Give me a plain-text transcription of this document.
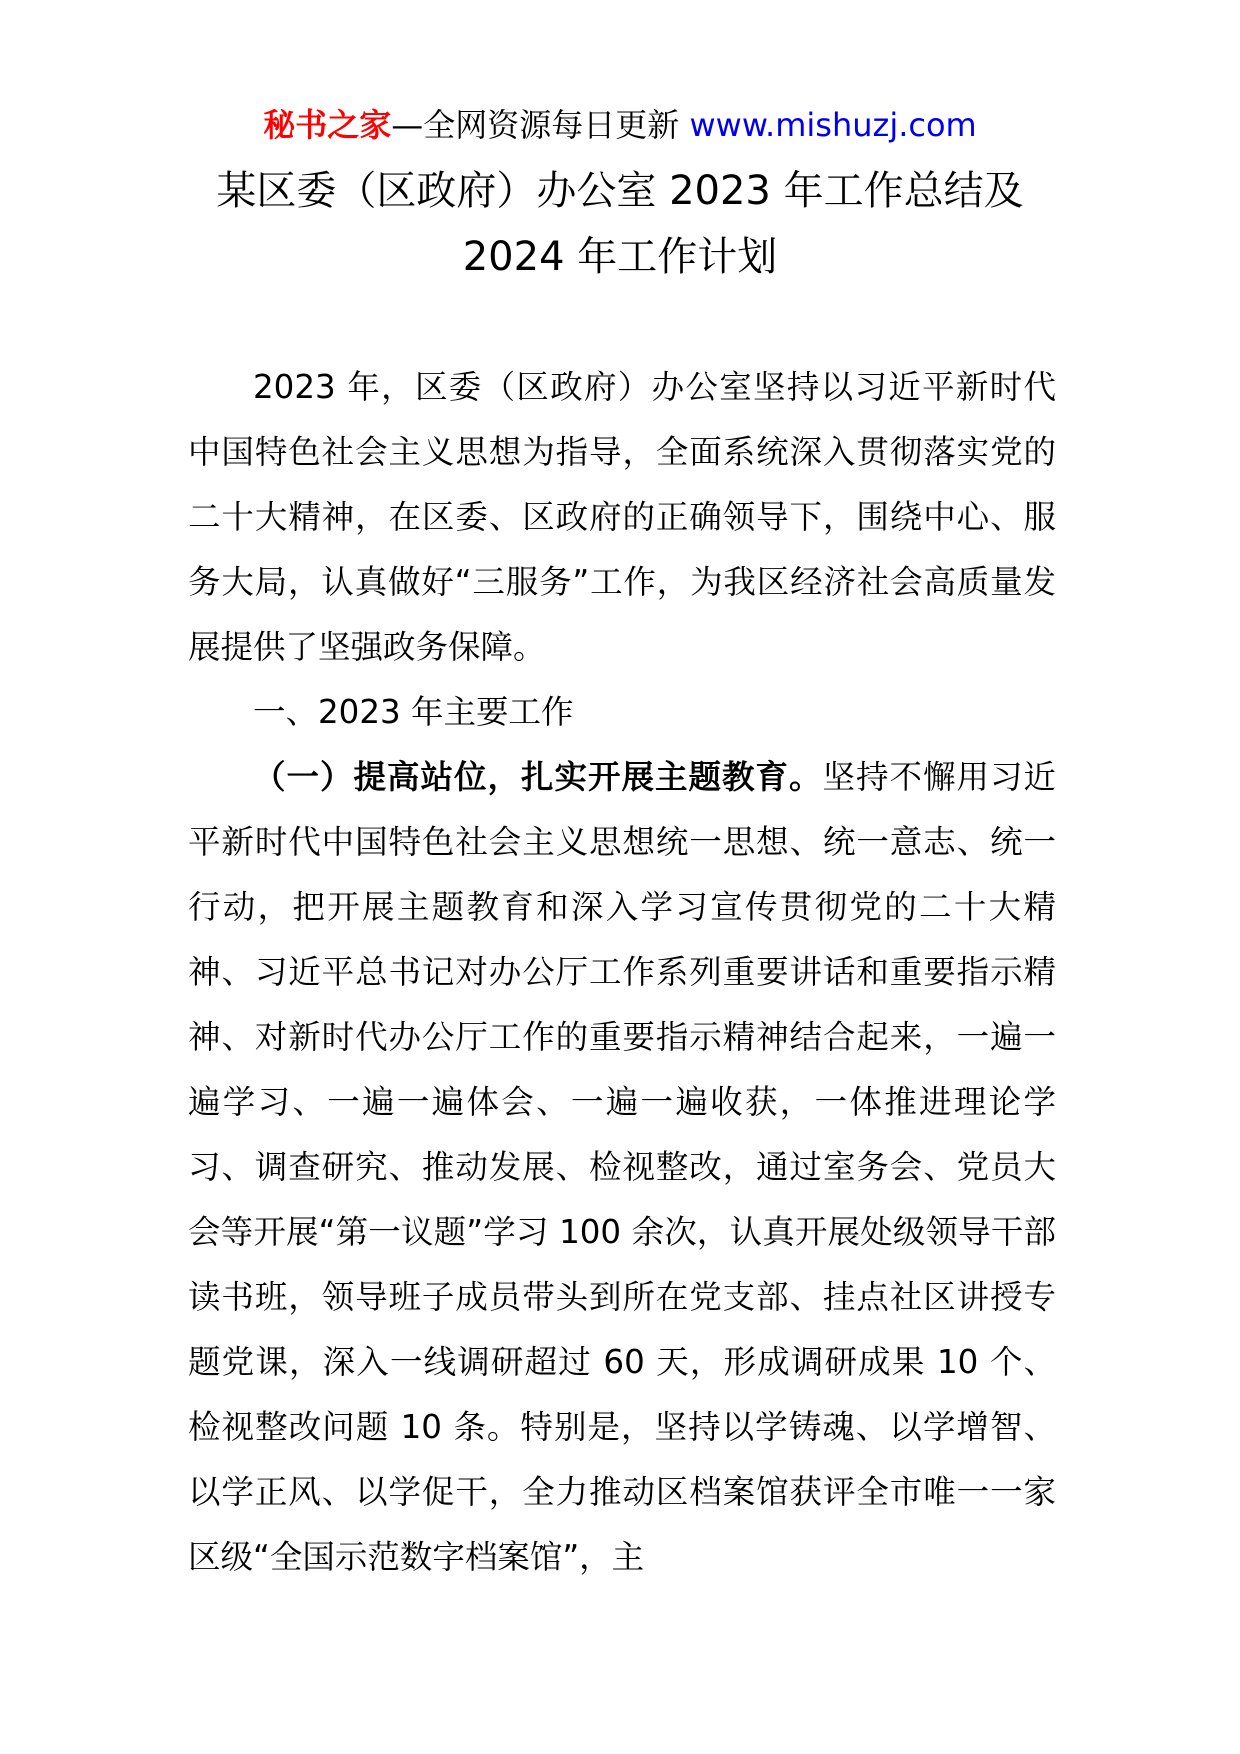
秘书之家—全网资源每日更新 www.mishuzj.com
某区委（区政府）办公室 2023 年工作总结及
2024 年工作计划

2023 年，区委（区政府）办公室坚持以习近平新时代中国特色社会主义思想为指导，全面系统深入贯彻落实党的二十大精神，在区委、区政府的正确领导下，围绕中心、服务大局，认真做好“三服务”工作，为我区经济社会高质量发展提供了坚强政务保障。

一、2023 年主要工作

（一）提高站位，扎实开展主题教育。坚持不懈用习近平新时代中国特色社会主义思想统一思想、统一意志、统一行动，把开展主题教育和深入学习宣传贯彻党的二十大精神、习近平总书记对办公厅工作系列重要讲话和重要指示精神、对新时代办公厅工作的重要指示精神结合起来，一遍一遍学习、一遍一遍体会、一遍一遍收获，一体推进理论学习、调查研究、推动发展、检视整改，通过室务会、党员大会等开展“第一议题”学习 100 余次，认真开展处级领导干部读书班，领导班子成员带头到所在党支部、挂点社区讲授专题党课，深入一线调研超过 60 天，形成调研成果 10 个、检视整改问题 10 条。特别是，坚持以学铸魂、以学增智、以学正风、以学促干，全力推动区档案馆获评全市唯一一家区级“全国示范数字档案馆”，主
